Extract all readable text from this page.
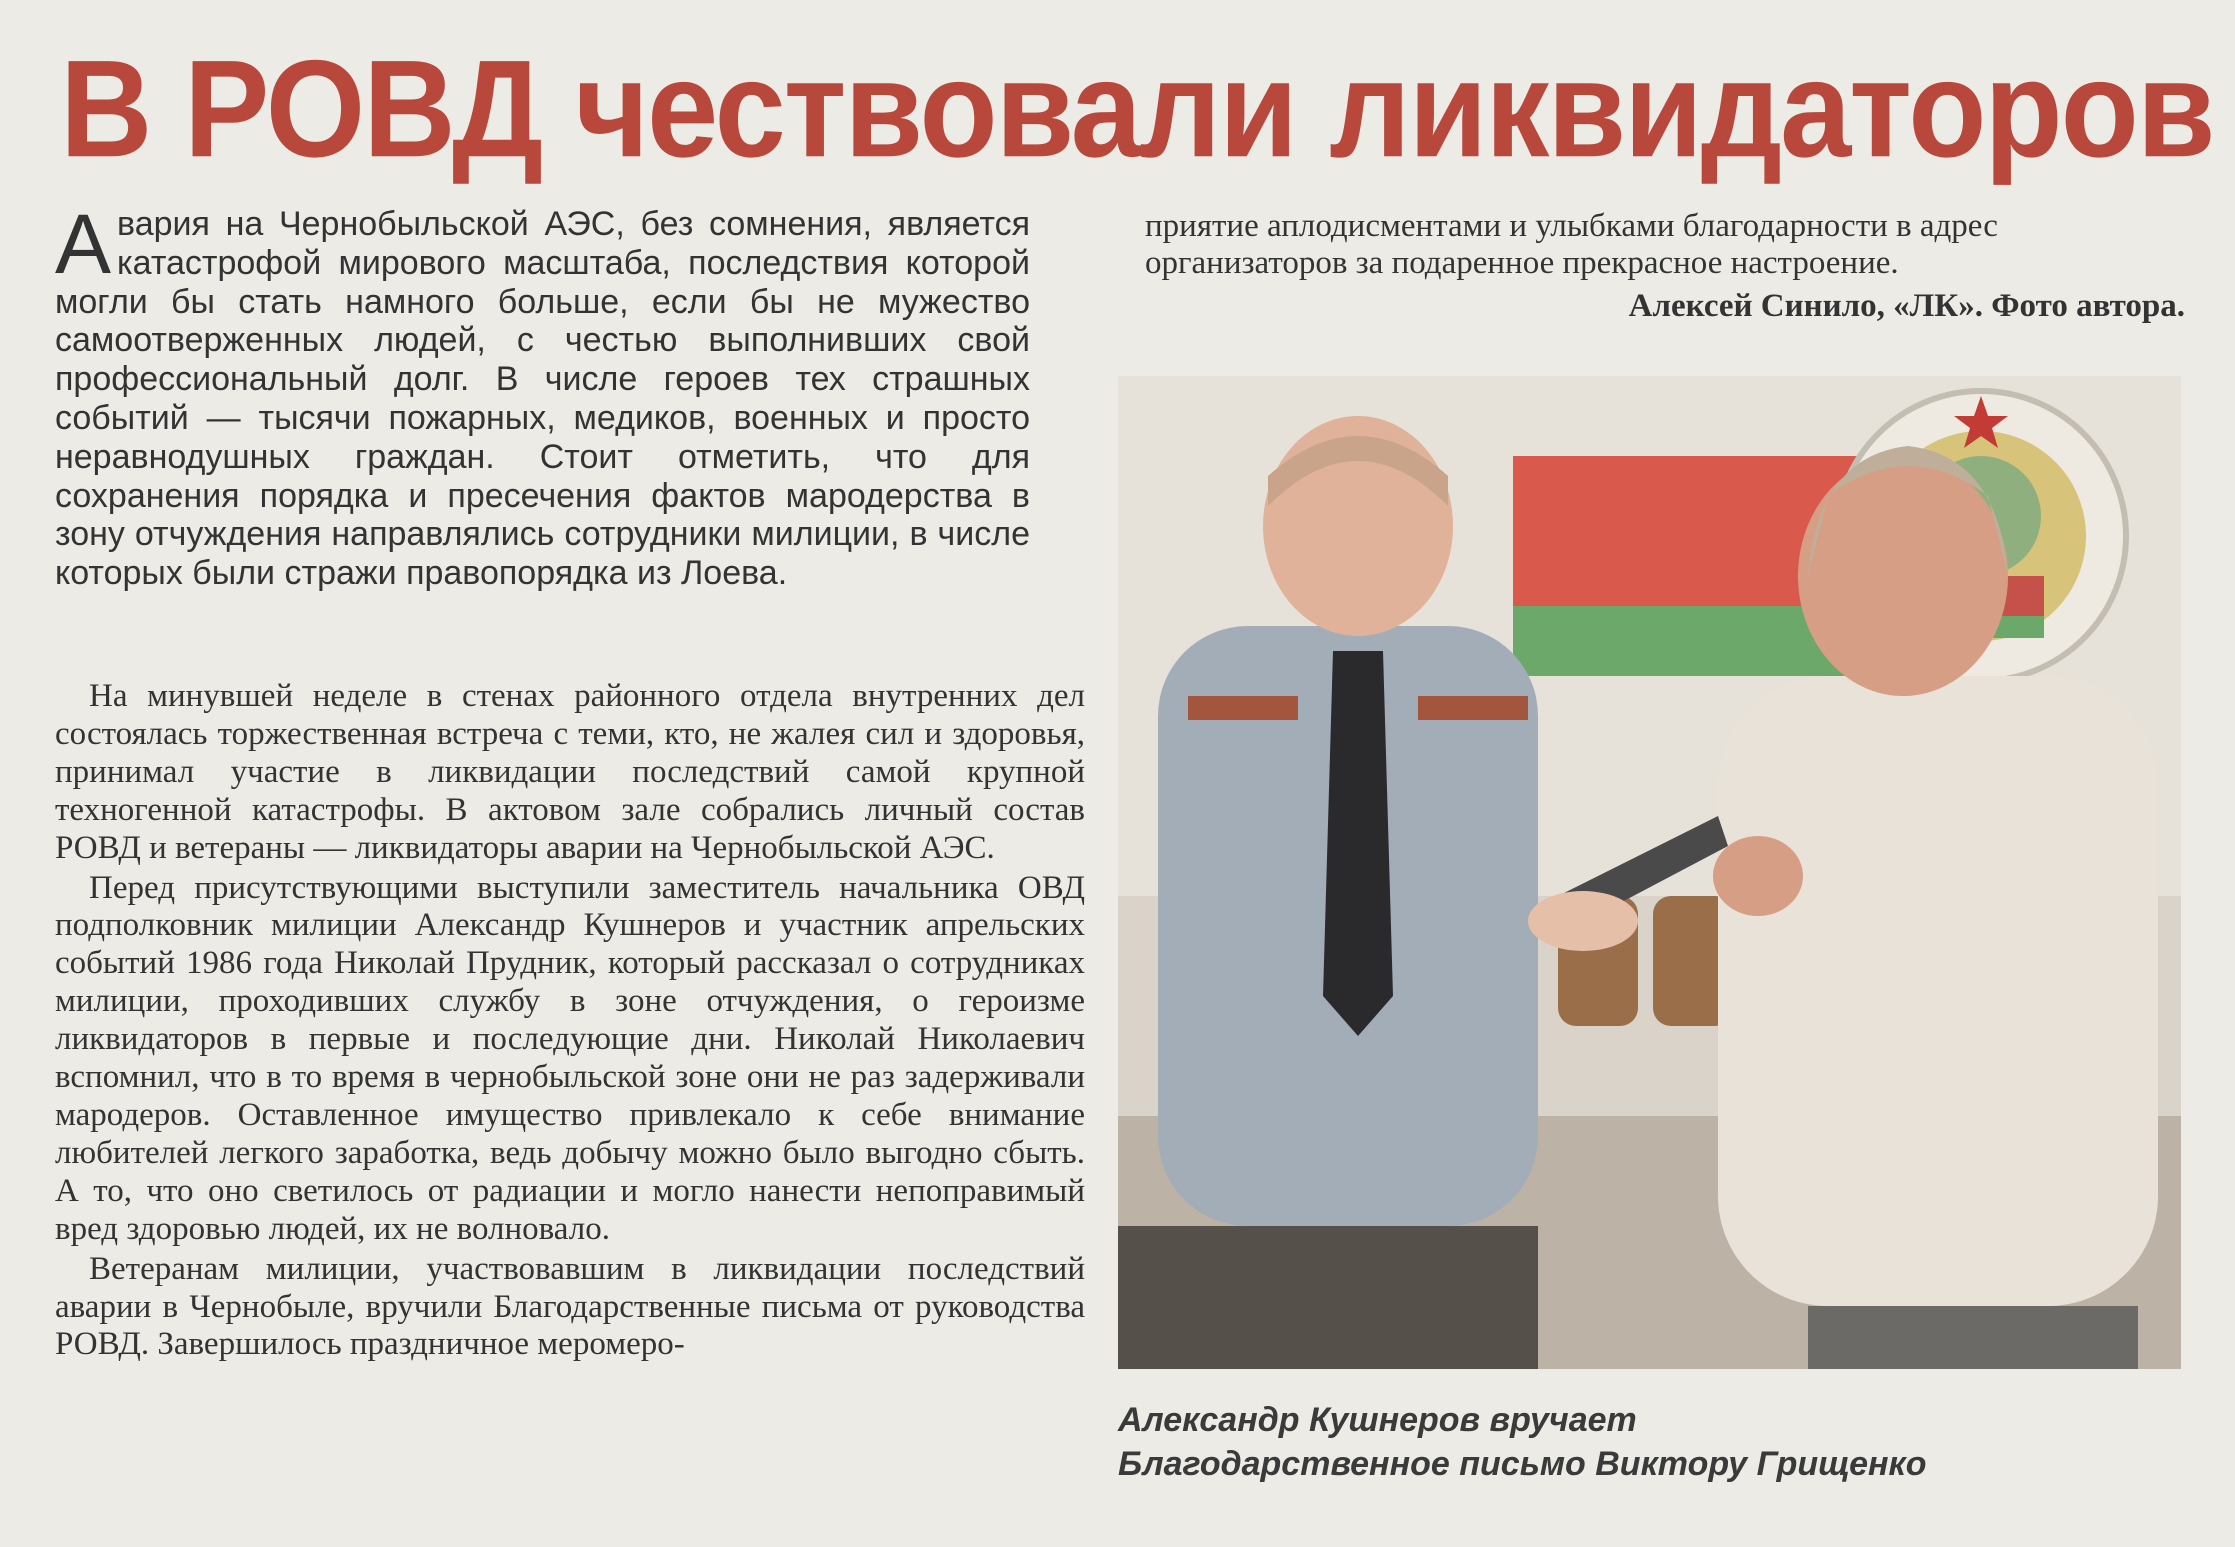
В РОВД чествовали ликвидаторов
Авария на Чернобыльской АЭС, без сомнения, является катастрофой мирового масштаба, последствия которой могли бы стать намного больше, если бы не мужество самоотверженных людей, с честью выполнивших свой профессиональный долг. В числе героев тех страшных событий — тысячи пожарных, медиков, военных и просто неравнодушных граждан. Стоит отметить, что для сохранения порядка и пресечения фактов мародерства в зону отчуждения направлялись сотрудники милиции, в числе которых были стражи правопорядка из Лоева.

На минувшей неделе в стенах районного отдела внутренних дел состоялась торжественная встреча с теми, кто, не жалея сил и здоровья, принимал участие в ликвидации последствий самой крупной техногенной катастрофы. В актовом зале собрались личный состав РОВД и ветераны — ликвидаторы аварии на Чернобыльской АЭС.

Перед присутствующими выступили заместитель начальника ОВД подполковник милиции Александр Кушнеров и участник апрельских событий 1986 года Николай Прудник, который рассказал о сотрудниках милиции, проходивших службу в зоне отчуждения, о героизме ликвидаторов в первые и последующие дни. Николай Николаевич вспомнил, что в то время в чернобыльской зоне они не раз задерживали мародеров. Оставленное имущество привлекало к себе внимание любителей легкого заработка, ведь добычу можно было выгодно сбыть. А то, что оно светилось от радиации и могло нанести непоправимый вред здоровью людей, их не волновало.

Ветеранам милиции, участвовавшим в ликвидации последствий аварии в Чернобыле, вручили Благодарственные письма от руководства РОВД. Завершилось праздничное меромеро-

приятие аплодисментами и улыбками благодарности в адрес организаторов за подаренное прекрасное настроение.
Алексей Синило, «ЛК». Фото автора.
Александр Кушнеров вручает
Благодарственное письмо Виктору Грищенко
